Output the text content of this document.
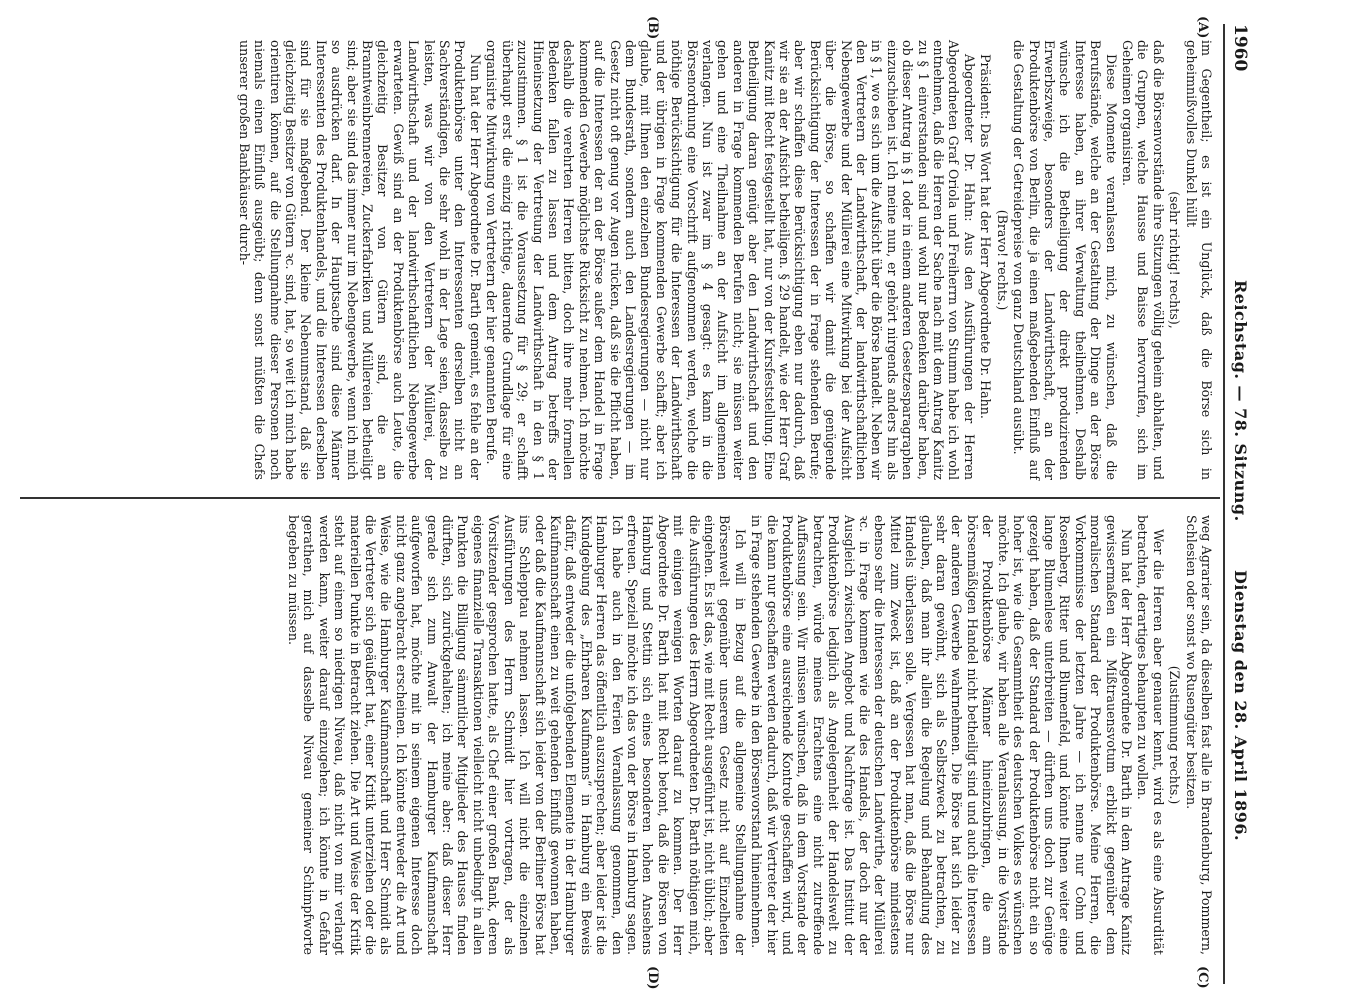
1960
Reichstag. — 78. Sitzung.
Dienstag den 28. April 1896.
(A)
(B)
(C)
(D)

im Gegentheil; es ist ein Unglück, daß die Börse sich in geheimnißvolles Dunkel hüllt

(sehr richtig! rechts),

daß die Börsenvorstände ihre Sitzungen völlig geheim abhalten, und die Gruppen, welche Hausse und Baisse hervorrufen, sich im Geheimen organisiren.

Diese Momente veranlassen mich, zu wünschen, daß die Berufsstände, welche an der Gestaltung der Dinge an der Börse Interesse haben, an ihrer Verwaltung theilnehmen. Deshalb wünsche ich die Betheiligung der direkt produzirenden Erwerbszweige, besonders der Landwirthschaft, an der Produktenbörse von Berlin, die ja einen maßgebenden Einfluß auf die Gestaltung der Getreidepreise von ganz Deutschland ausübt.

(Bravo! rechts.)

Präsident: Das Wort hat der Herr Abgeordnete Dr. Hahn.

Abgeordneter Dr. Hahn: Aus den Ausführungen der Herren Abgeordneten Graf Oriola und Freiherrn von Stumm habe ich wohl entnehmen, daß die Herren der Sache nach mit dem Antrag Kanitz zu § 1 einverstanden sind und wohl nur Bedenken darüber haben, ob dieser Antrag in § 1 oder in einem anderen Gesetzesparagraphen einzuschieben ist. Ich meine nun, er gehört nirgends anders hin als in § 1, wo es sich um die Aufsicht über die Börse handelt. Neben wir den Vertretern der Landwirthschaft, der landwirthschaftlichen Nebengewerbe und der Müllerei eine Mitwirkung bei der Aufsicht über die Börse, so schaffen wir damit die genügende Berücksichtigung der Interessen der in Frage stehenden Berufe; aber wir schaffen diese Berücksichtigung eben nur dadurch, daß wir sie an der Aufsicht betheiligen. § 29 handelt, wie der Herr Graf Kanitz mit Recht festgestellt hat, nur von der Kursfeststellung. Eine Betheiligung daran genügt aber den Landwirthschaft und den anderen in Frage kommenden Berufen nicht; sie müssen weiter gehen und eine Theilnahme an der Aufsicht im allgemeinen verlangen. Nun ist zwar im § 4 gesagt: es kann in die Börsenordnung eine Vorschrift aufgenommen werden, welche die nöthige Berücksichtigung für die Interessen der Landwirthschaft und der übrigen in Frage kommenden Gewerbe schafft; aber ich glaube, mit Ihnen den einzelnen Bundesregierungen — nicht nur dem Bundesrath, sondern auch den Landesregierungen — im Gesetz nicht oft genug vor Augen rücken, daß sie die Pflicht haben, auf die Interessen der an der Börse außer dem Handel in Frage kommenden Gewerbe möglichste Rücksicht zu nehmen. Ich möchte deshalb die verehrten Herren bitten, doch ihre mehr formellen Bedenken fallen zu lassen und dem Antrag betreffs der Hineinsetzung der Vertretung der Landwirthschaft in den § 1 zuzustimmen. § 1 ist die Voraussetzung für § 29; er schafft überhaupt erst die einzig richtige, dauernde Grundlage für eine organisirte Mitwirkung von Vertretern der hier genannten Berufe.

Nun hat der Herr Abgeordnete Dr. Barth gemeint, es fehle an der Produktenbörse unter den Interessenten derselben nicht an Sachverständigen, die sehr wohl in der Lage seien, dasselbe zu leisten, was wir von den Vertretern der Müllerei, der Landwirthschaft und der landwirthschaftlichen Nebengewerbe erwarteten. Gewiß sind an der Produktenbörse auch Leute, die gleichzeitig Besitzer von Gütern sind, die an Branntweinbrennereien, Zuckerfabriken und Müllereien betheiligt sind; aber sie sind das immer nur im Nebengewerbe, wenn ich mich so ausdrücken darf. In der Hauptsache sind diese Männer Interessenten des Produktenhandels, und die Interessen derselben sind für sie maßgebend. Der kleine Nebenumstand, daß sie gleichzeitig Besitzer von Gütern ꝛc. sind, hat, so weit ich mich habe orientiren können, auf die Stellungnahme dieser Personen noch niemals einen Einfluß ausgeübt; denn sonst müßten die Chefs unserer großen Bankhäuser durch-

weg Agrarier sein, da dieselben fast alle in Brandenburg, Pommern, Schlesien oder sonst wo Rusengüter besitzen.

(Zustimmung rechts.)

Wer die Herren aber genauer kennt, wird es als eine Absurdität betrachten, derartiges behaupten zu wollen.

Nun hat der Herr Abgeordnete Dr. Barth in dem Antrage Kanitz gewissermaßen ein Mißtrauensvotum erblickt gegenüber dem moralischen Standard der Produktenbörse. Meine Herren, die Vorkommnisse der letzten Jahre — ich nenne nur Cohn und Rosenberg, Ritter und Blumenfeld, und könnte Ihnen weiter eine lange Blumenlese unterbreiten — dürften uns doch zur Genüge gezeigt haben, daß der Standard der Produktenbörse nicht ein so hoher ist, wie die Gesammtheit des deutschen Volkes es wünschen möchte. Ich glaube, wir haben alle Veranlassung, in die Vorstände der Produktenbörse Männer hineinzubringen, die am börsenmäßigen Handel nicht betheiligt sind und auch die Interessen der anderen Gewerbe wahrnehmen. Die Börse hat sich leider zu sehr daran gewöhnt, sich als Selbstzweck zu betrachten, zu glauben, daß man ihr allein die Regelung und Behandlung des Handels überlassen solle. Vergessen hat man, daß die Börse nur Mittel zum Zweck ist, daß an der Produktenbörse mindestens ebenso sehr die Interessen der deutschen Landwirthe, der Müllerei ꝛc. in Frage kommen wie die des Handels, der doch nur der Ausgleich zwischen Angebot und Nachfrage ist. Das Institut der Produktenbörse lediglich als Angelegenheit der Handelswelt zu betrachten, würde meines Erachtens eine nicht zutreffende Auffassung sein. Wir müssen wünschen, daß in dem Vorstande der Produktenbörse eine ausreichende Kontrole geschaffen wird, und die kann nur geschaffen werden dadurch, daß wir Vertreter der hier in Frage stehenden Gewerbe in den Börsenvorstand hineinnehmen.

Ich will in Bezug auf die allgemeine Stellungnahme der Börsenwelt gegenüber unserem Gesetz nicht auf Einzelheiten eingehen. Es ist das, wie mit Recht ausgeführt ist, nicht üblich; aber die Ausführungen des Herrn Abgeordneten Dr. Barth nöthigen mich, mit einigen wenigen Worten darauf zu kommen. Der Herr Abgeordnete Dr. Barth hat mit Recht betont, daß die Börsen von Hamburg und Stettin sich eines besonderen hohen Ansehens erfreuen. Speziell möchte ich das von der Börse in Hamburg sagen. Ich habe auch in den Ferien Veranlassung genommen, den Hamburger Herren das öffentlich auszusprechen; aber leider ist die Kundgebung des „Ehrbaren Kaufmanns“ in Hamburg ein Beweis dafür, daß entweder die unfolgebenden Elemente in der Hamburger Kaufmannschaft einen zu weit gehenden Einfluß gewonnen haben, oder daß die Kaufmannschaft sich leider von der Berliner Börse hat ins Schlepptau nehmen lassen. Ich will nicht die einzelnen Ausführungen des Herrn Schmidt hier vortragen, der als Vorsitzender gesprochen hatte, als Chef einer großen Bank, deren eigenes finanzielle Transaktionen vielleicht nicht unbedingt in allen Punkten die Billigung sämmtlicher Mitglieder des Hauses finden dürften, sich zurückgehalten; ich meine aber: daß dieser Herr gerade sich zum Anwalt der Hamburger Kaufmannschaft aufgeworfen hat, möchte mit in seinem eigenen Interesse doch nicht ganz angebracht erscheinen. Ich könnte entweder die Art und Weise, wie die Hamburger Kaufmannschaft und Herr Schmidt als die Vertreter sich geäußert hat, einer Kritik unterziehen oder die materiellen Punkte in Betracht ziehen. Die Art und Weise der Kritik steht auf einem so niedrigen Niveau, daß nicht von mir verlangt werden kann, weiter darauf einzugehen; ich könnte in Gefahr gerathen, mich auf dasselbe Niveau gemeiner Schimpfworte begeben zu müssen.
